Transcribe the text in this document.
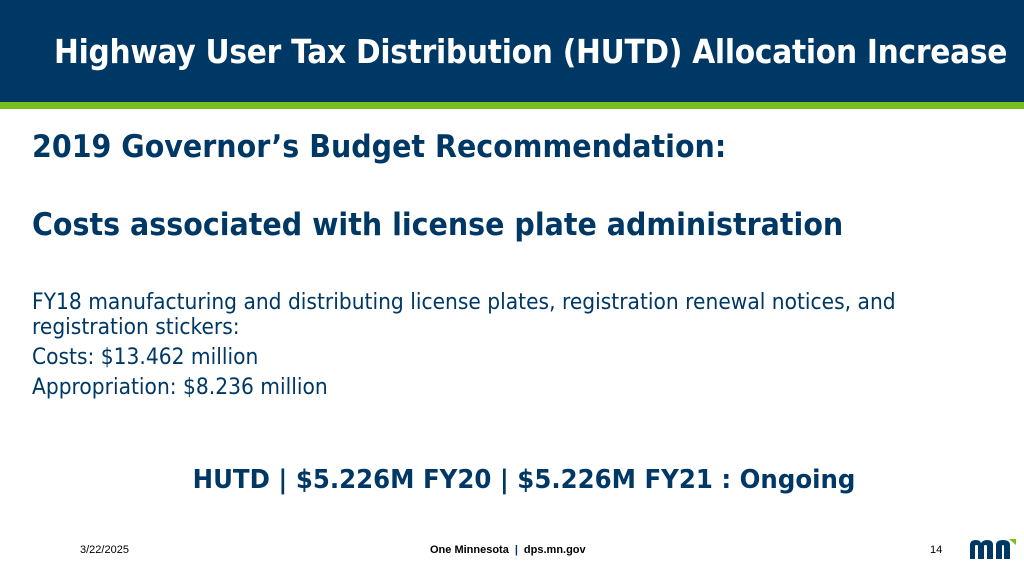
Highway User Tax Distribution (HUTD) Allocation Increase
2019 Governor’s Budget Recommendation:
Costs associated with license plate administration
FY18 manufacturing and distributing license plates, registration renewal notices, and registration stickers:
Costs: $13.462 million
Appropriation: $8.236 million
HUTD | $5.226M FY20 | $5.226M FY21 : Ongoing
3/22/2025	One Minnesota | dps.mn.gov	14
